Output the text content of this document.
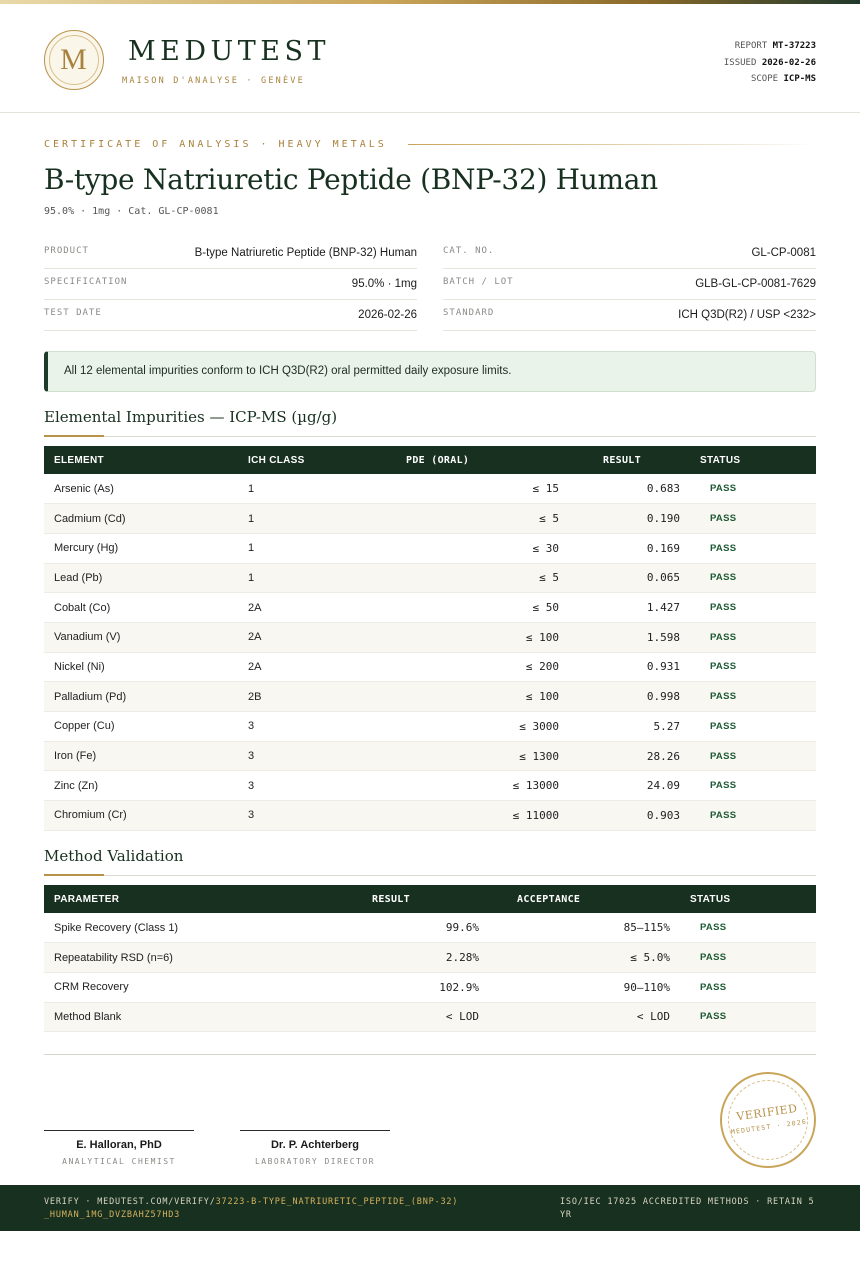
M	MEDUTEST
MAISON D'ANALYSE · GENÈVE
REPORT MT-37223
ISSUED 2026-02-26
SCOPE ICP-MS
CERTIFICATE OF ANALYSIS · HEAVY METALS
B-type Natriuretic Peptide (BNP-32) Human
95.0% · 1mg · Cat. GL-CP-0081
PRODUCT	B-type Natriuretic Peptide (BNP-32) Human
SPECIFICATION	95.0% · 1mg
TEST DATE	2026-02-26
CAT. NO.	GL-CP-0081
BATCH / LOT	GLB-GL-CP-0081-7629
STANDARD	ICH Q3D(R2) / USP <232>
All 12 elemental impurities conform to ICH Q3D(R2) oral permitted daily exposure limits.
Elemental Impurities — ICP-MS (µg/g)
ELEMENT	ICH CLASS	PDE (ORAL)	RESULT	STATUS
Arsenic (As)	1	≤ 15	0.683	PASS
Cadmium (Cd)	1	≤ 5	0.190	PASS
Mercury (Hg)	1	≤ 30	0.169	PASS
Lead (Pb)	1	≤ 5	0.065	PASS
Cobalt (Co)	2A	≤ 50	1.427	PASS
Vanadium (V)	2A	≤ 100	1.598	PASS
Nickel (Ni)	2A	≤ 200	0.931	PASS
Palladium (Pd)	2B	≤ 100	0.998	PASS
Copper (Cu)	3	≤ 3000	5.27	PASS
Iron (Fe)	3	≤ 1300	28.26	PASS
Zinc (Zn)	3	≤ 13000	24.09	PASS
Chromium (Cr)	3	≤ 11000	0.903	PASS
Method Validation
PARAMETER	RESULT	ACCEPTANCE	STATUS
Spike Recovery (Class 1)	99.6%	85–115%	PASS
Repeatability RSD (n=6)	2.28%	≤ 5.0%	PASS
CRM Recovery	102.9%	90–110%	PASS
Method Blank	< LOD	< LOD	PASS
E. Halloran, PhD
ANALYTICAL CHEMIST
Dr. P. Achterberg
LABORATORY DIRECTOR
VERIFIED
MEDUTEST · 2026
VERIFY · MEDUTEST.COM/VERIFY/37223-B-TYPE_NATRIURETIC_PEPTIDE_(BNP-32)_HUMAN_1MG_DVZBAHZ57HD3
ISO/IEC 17025 ACCREDITED METHODS · RETAIN 5 YR
